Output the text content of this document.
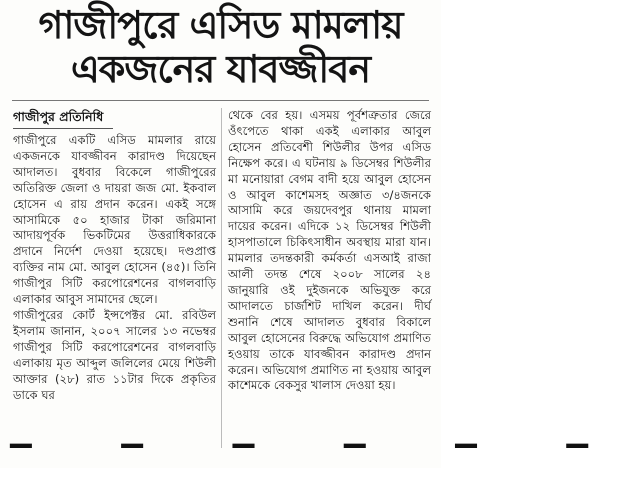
গাজীপুরে এসিড মামলায়
একজনের যাবজ্জীবন
গাজীপুর প্রতিনিধি

গাজীপুরে একটি এসিড মামলার রায়ে একজনকে যাবজ্জীবন কারাদণ্ড দিয়েছেন আদালত। বুধবার বিকেলে গাজীপুরের অতিরিক্ত জেলা ও দায়রা জজ মো. ইকবাল হোসেন এ রায় প্রদান করেন। একই সঙ্গে আসামিকে ৫০ হাজার টাকা জরিমানা আদায়পূর্বক ভিকটিমের উত্তরাধিকারকে প্রদানে নির্দেশ দেওয়া হয়েছে। দণ্ডপ্রাপ্ত ব্যক্তির নাম মো. আবুল হোসেন (৪৫)। তিনি গাজীপুর সিটি করপোরেশনের বাগলবাড়ি এলাকার আবুস সামাদের ছেলে।

গাজীপুরের কোর্ট ইন্সপেক্টর মো. রবিউল ইসলাম জানান, ২০০৭ সালের ১৩ নভেম্বর গাজীপুর সিটি করপোরেশনের বাগলবাড়ি এলাকায় মৃত আব্দুল জলিলের মেয়ে শিউলী আক্তার (২৮) রাত ১১টার দিকে প্রকৃতির ডাকে ঘর

থেকে বের হয়। এসময় পূর্বশত্রুতার জেরে ওঁৎপেতে থাকা একই এলাকার আবুল হোসেন প্রতিবেশী শিউলীর উপর এসিড নিক্ষেপ করে। এ ঘটনায় ৯ ডিসেম্বর শিউলীর মা মনোয়ারা বেগম বাদী হয়ে আবুল হোসেন ও আবুল কাশেমসহ অজ্ঞাত ৩/৪জনকে আসামি করে জয়দেবপুর থানায় মামলা দায়ের করেন। এদিকে ১২ ডিসেম্বর শিউলী হাসপাতালে চিকিৎসাধীন অবস্থায় মারা যান। মামলার তদন্তকারী কর্মকর্তা এসআই রাজা আলী তদন্ত শেষে ২০০৮ সালের ২৪ জানুয়ারি ওই দুইজনকে অভিযুক্ত করে আদালতে চার্জশিট দাখিল করেন। দীর্ঘ শুনানি শেষে আদালত বুধবার বিকালে আবুল হোসেনের বিরুদ্ধে অভিযোগ প্রমাণিত হওয়ায় তাকে যাবজ্জীবন কারাদণ্ড প্রদান করেন। অভিযোগ প্রমাণিত না হওয়ায় আবুল কাশেমকে বেকসুর খালাস দেওয়া হয়।

▔ ▔ ▔ ▔ ▔ ▔
